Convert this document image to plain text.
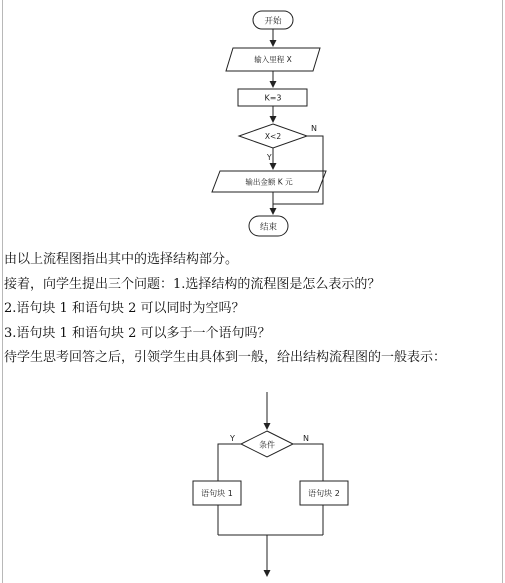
开始
输入里程 X
K=3
X<2
N
Y
输出金额 K 元
结束
条件
Y	N
语句块 1	语句块 2
由以上流程图指出其中的选择结构部分。
接着，向学生提出三个问题：1.选择结构的流程图是怎么表示的？
2.语句块 1 和语句块 2 可以同时为空吗？
3.语句块 1 和语句块 2 可以多于一个语句吗？
待学生思考回答之后，引领学生由具体到一般，给出结构流程图的一般表示：
